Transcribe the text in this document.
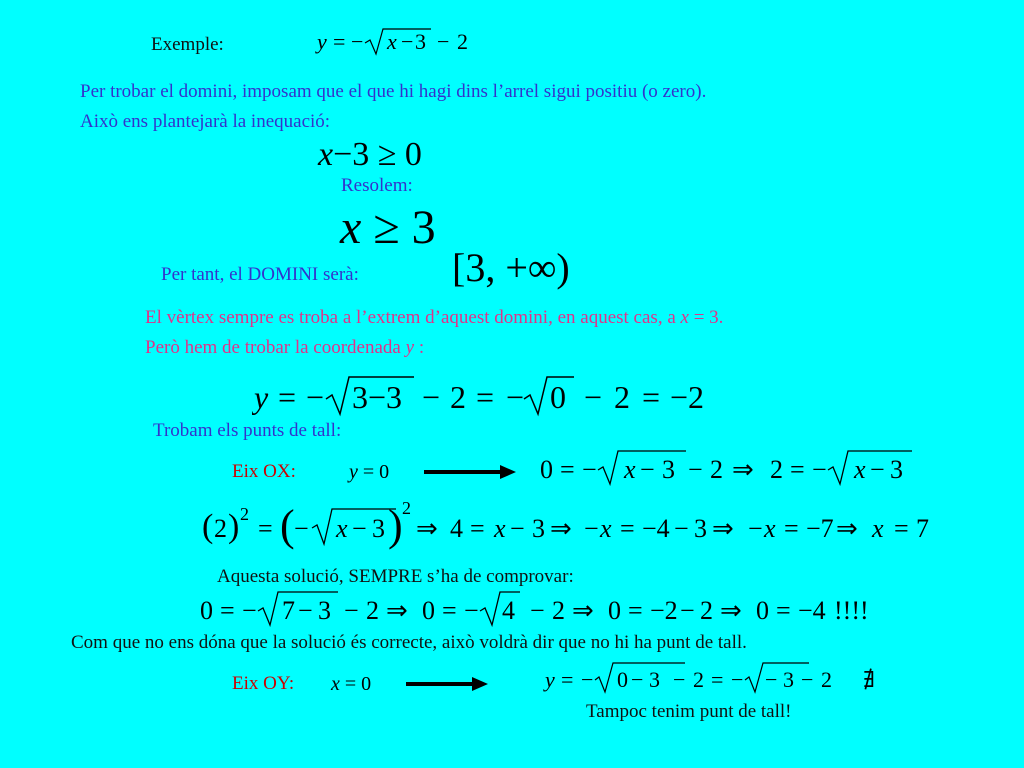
Exemple:	y = − x − 3 − 2
Per trobar el domini, imposam que el que hi hagi dins l’arrel sigui positiu (o zero).
Això ens plantejarà la inequació:
x−3 ≥ 0
Resolem:
x ≥ 3
Per tant, el DOMINI serà: [3, +∞)
El vèrtex sempre es troba a l’extrem d’aquest domini, en aquest cas, a x = 3.
Però hem de trobar la coordenada y :
y = − 3−3 − 2 = − 0 − 2 = −2
Trobam els punts de tall:
Eix OX:	y = 0	0 = − x − 3 − 2 ⇒ 2 = − x − 3
( 2 ) 2 = ( − x − 3 ) 2
⇒ 4 = x − 3 ⇒ − x = −4 − 3 ⇒ − x = −7 ⇒ x = 7
Aquesta solució, SEMPRE s’ha de comprovar:
0 = − 7 − 3 − 2 ⇒ 0 = − 4 − 2 ⇒ 0 = −2 − 2 ⇒ 0 = −4 !!!!
Com que no ens dóna que la solució és correcte, això voldrà dir que no hi ha punt de tall.
Eix OY: x = 0	y = − 0 − 3 − 2 = − − 3 − 2 ∄
Tampoc tenim punt de tall!
